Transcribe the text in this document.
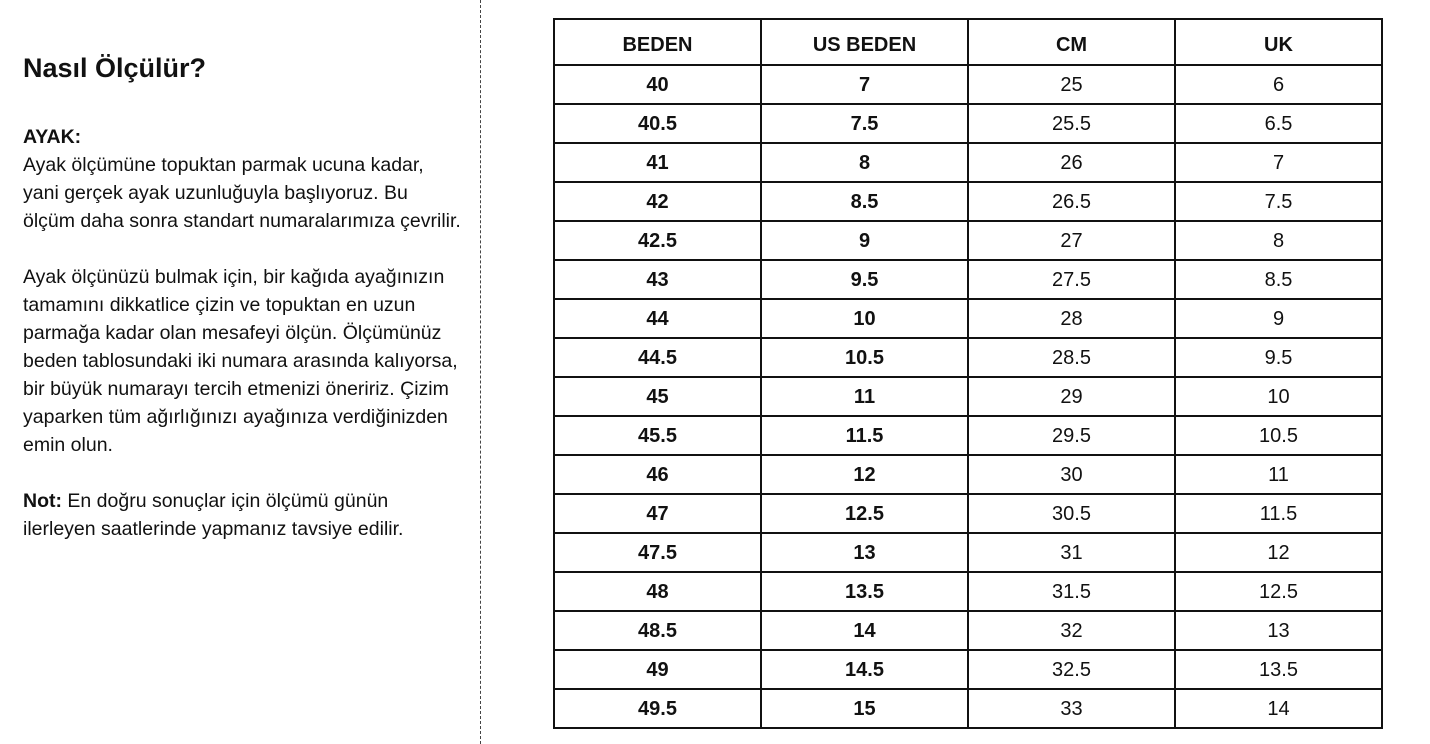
Nasıl Ölçülür?

AYAK:

Ayak ölçümüne topuktan parmak ucuna kadar, yani gerçek ayak uzunluğuyla başlıyoruz. Bu ölçüm daha sonra standart numaralarımıza çevrilir.

Ayak ölçünüzü bulmak için, bir kağıda ayağınızın tamamını dikkatlice çizin ve topuktan en uzun parmağa kadar olan mesafeyi ölçün. Ölçümünüz beden tablosundaki iki numara arasında kalıyorsa, bir büyük numarayı tercih etmenizi öneririz. Çizim yaparken tüm ağırlığınızı ayağınıza verdiğinizden emin olun.

Not: En doğru sonuçlar için ölçümü günün ilerleyen saatlerinde yapmanız tavsiye edilir.

BEDEN	US BEDEN	CM	UK
40	7	25	6
40.5	7.5	25.5	6.5
41	8	26	7
42	8.5	26.5	7.5
42.5	9	27	8
43	9.5	27.5	8.5
44	10	28	9
44.5	10.5	28.5	9.5
45	11	29	10
45.5	11.5	29.5	10.5
46	12	30	11
47	12.5	30.5	11.5
47.5	13	31	12
48	13.5	31.5	12.5
48.5	14	32	13
49	14.5	32.5	13.5
49.5	15	33	14
